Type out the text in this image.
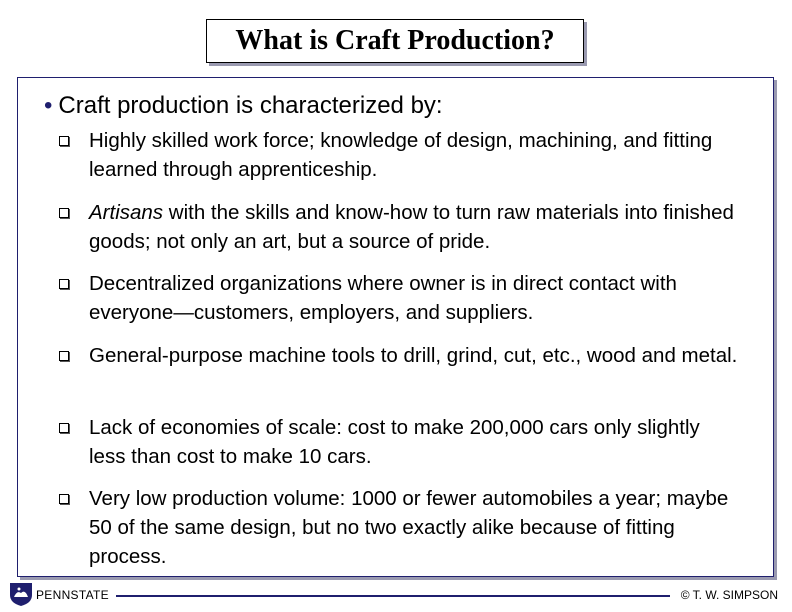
What is Craft Production?
• Craft production is characterized by:
Highly skilled work force; knowledge of design, machining, and fitting learned through apprenticeship.
Artisans with the skills and know-how to turn raw materials into finished goods; not only an art, but a source of pride.
Decentralized organizations where owner is in direct contact with everyone—customers, employers, and suppliers.
General-purpose machine tools to drill, grind, cut, etc., wood and metal.
Lack of economies of scale: cost to make 200,000 cars only slightly less than cost to make 10 cars.
Very low production volume: 1000 or fewer automobiles a year; maybe 50 of the same design, but no two exactly alike because of fitting process.
PENNSTATE	© T. W. SIMPSON
